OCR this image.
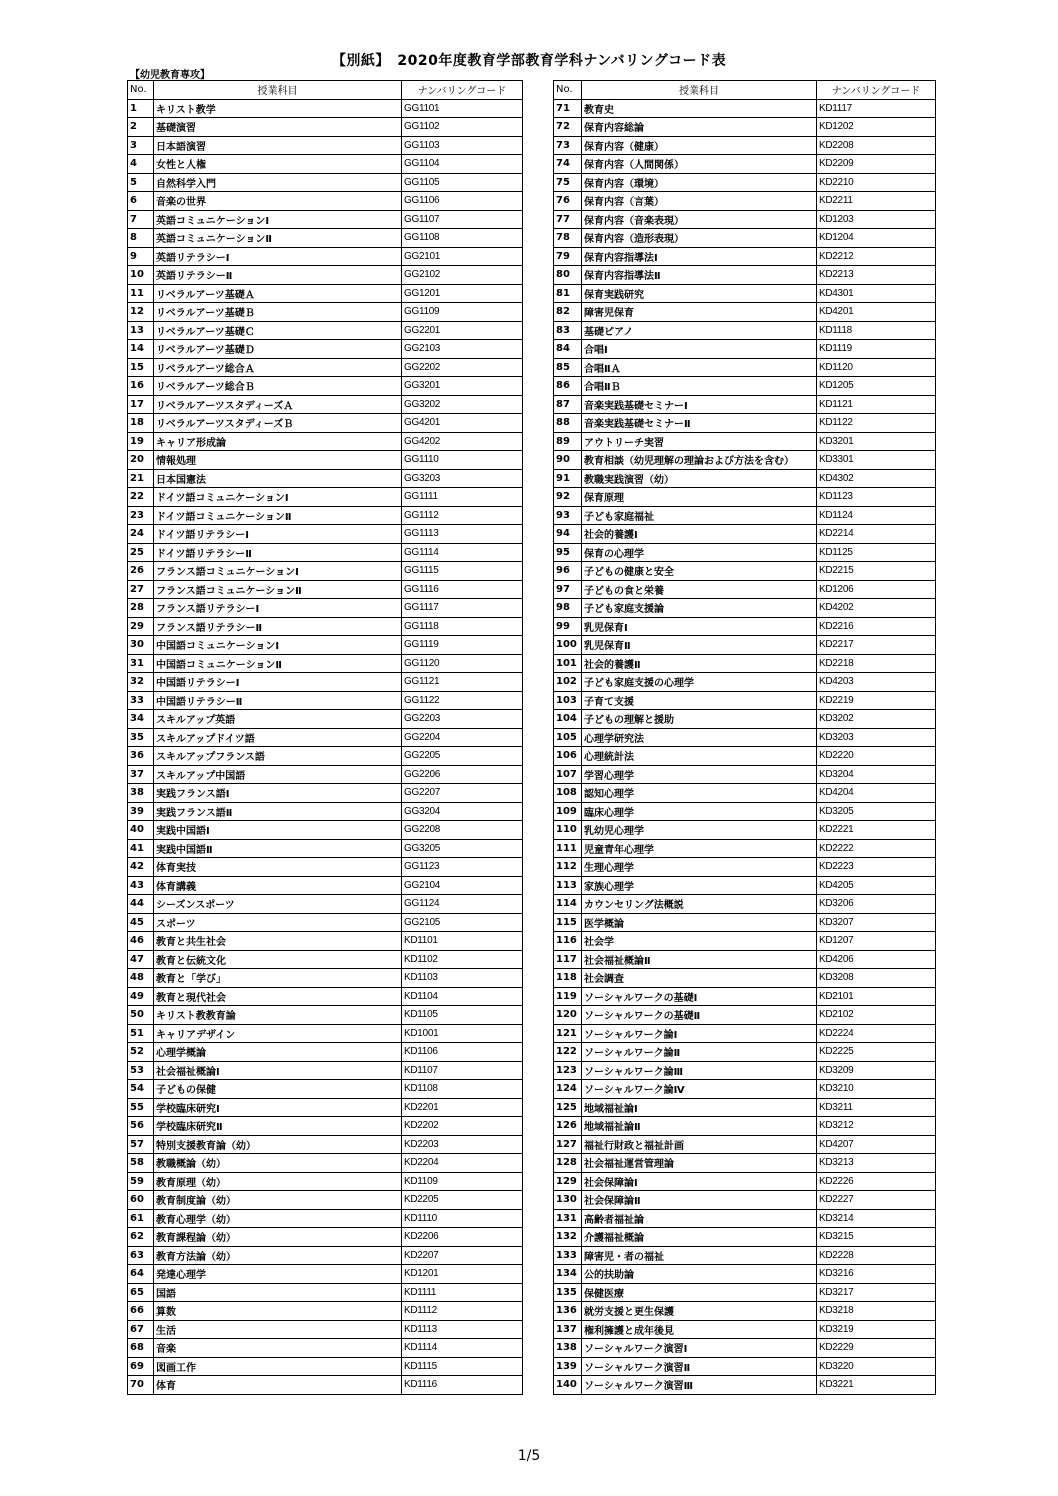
【別紙】　2020年度教育学部教育学科ナンバリングコード表
【幼児教育専攻】
No.	授業科目	ナンバリングコード
1	キリスト教学	GG1101
2	基礎演習	GG1102
3	日本語演習	GG1103
4	女性と人権	GG1104
5	自然科学入門	GG1105
6	音楽の世界	GG1106
7	英語コミュニケーションⅠ	GG1107
8	英語コミュニケーションⅡ	GG1108
9	英語リテラシーⅠ	GG2101
10	英語リテラシーⅡ	GG2102
11	リベラルアーツ基礎Ａ	GG1201
12	リベラルアーツ基礎Ｂ	GG1109
13	リベラルアーツ基礎Ｃ	GG2201
14	リベラルアーツ基礎Ｄ	GG2103
15	リベラルアーツ総合Ａ	GG2202
16	リベラルアーツ総合Ｂ	GG3201
17	リベラルアーツスタディーズＡ	GG3202
18	リベラルアーツスタディーズＢ	GG4201
19	キャリア形成論	GG4202
20	情報処理	GG1110
21	日本国憲法	GG3203
22	ドイツ語コミュニケーションⅠ	GG1111
23	ドイツ語コミュニケーションⅡ	GG1112
24	ドイツ語リテラシーⅠ	GG1113
25	ドイツ語リテラシーⅡ	GG1114
26	フランス語コミュニケーションⅠ	GG1115
27	フランス語コミュニケーションⅡ	GG1116
28	フランス語リテラシーⅠ	GG1117
29	フランス語リテラシーⅡ	GG1118
30	中国語コミュニケーションⅠ	GG1119
31	中国語コミュニケーションⅡ	GG1120
32	中国語リテラシーⅠ	GG1121
33	中国語リテラシーⅡ	GG1122
34	スキルアップ英語	GG2203
35	スキルアップドイツ語	GG2204
36	スキルアップフランス語	GG2205
37	スキルアップ中国語	GG2206
38	実践フランス語Ⅰ	GG2207
39	実践フランス語Ⅱ	GG3204
40	実践中国語Ⅰ	GG2208
41	実践中国語Ⅱ	GG3205
42	体育実技	GG1123
43	体育講義	GG2104
44	シーズンスポーツ	GG1124
45	スポーツ	GG2105
46	教育と共生社会	KD1101
47	教育と伝統文化	KD1102
48	教育と「学び」	KD1103
49	教育と現代社会	KD1104
50	キリスト教教育論	KD1105
51	キャリアデザイン	KD1001
52	心理学概論	KD1106
53	社会福祉概論Ⅰ	KD1107
54	子どもの保健	KD1108
55	学校臨床研究Ⅰ	KD2201
56	学校臨床研究Ⅱ	KD2202
57	特別支援教育論（幼）	KD2203
58	教職概論（幼）	KD2204
59	教育原理（幼）	KD1109
60	教育制度論（幼）	KD2205
61	教育心理学（幼）	KD1110
62	教育課程論（幼）	KD2206
63	教育方法論（幼）	KD2207
64	発達心理学	KD1201
65	国語	KD1111
66	算数	KD1112
67	生活	KD1113
68	音楽	KD1114
69	図画工作	KD1115
70	体育	KD1116
No.	授業科目	ナンバリングコード
71	教育史	KD1117
72	保育内容総論	KD1202
73	保育内容（健康）	KD2208
74	保育内容（人間関係）	KD2209
75	保育内容（環境）	KD2210
76	保育内容（言葉）	KD2211
77	保育内容（音楽表現）	KD1203
78	保育内容（造形表現）	KD1204
79	保育内容指導法Ⅰ	KD2212
80	保育内容指導法Ⅱ	KD2213
81	保育実践研究	KD4301
82	障害児保育	KD4201
83	基礎ピアノ	KD1118
84	合唱Ⅰ	KD1119
85	合唱ⅡＡ	KD1120
86	合唱ⅡＢ	KD1205
87	音楽実践基礎セミナーⅠ	KD1121
88	音楽実践基礎セミナーⅡ	KD1122
89	アウトリーチ実習	KD3201
90	教育相談（幼児理解の理論および方法を含む）	KD3301
91	教職実践演習（幼）	KD4302
92	保育原理	KD1123
93	子ども家庭福祉	KD1124
94	社会的養護Ⅰ	KD2214
95	保育の心理学	KD1125
96	子どもの健康と安全	KD2215
97	子どもの食と栄養	KD1206
98	子ども家庭支援論	KD4202
99	乳児保育Ⅰ	KD2216
100	乳児保育Ⅱ	KD2217
101	社会的養護Ⅱ	KD2218
102	子ども家庭支援の心理学	KD4203
103	子育て支援	KD2219
104	子どもの理解と援助	KD3202
105	心理学研究法	KD3203
106	心理統計法	KD2220
107	学習心理学	KD3204
108	認知心理学	KD4204
109	臨床心理学	KD3205
110	乳幼児心理学	KD2221
111	児童青年心理学	KD2222
112	生理心理学	KD2223
113	家族心理学	KD4205
114	カウンセリング法概説	KD3206
115	医学概論	KD3207
116	社会学	KD1207
117	社会福祉概論Ⅱ	KD4206
118	社会調査	KD3208
119	ソーシャルワークの基礎Ⅰ	KD2101
120	ソーシャルワークの基礎Ⅱ	KD2102
121	ソーシャルワーク論Ⅰ	KD2224
122	ソーシャルワーク論Ⅱ	KD2225
123	ソーシャルワーク論Ⅲ	KD3209
124	ソーシャルワーク論Ⅳ	KD3210
125	地域福祉論Ⅰ	KD3211
126	地域福祉論Ⅱ	KD3212
127	福祉行財政と福祉計画	KD4207
128	社会福祉運営管理論	KD3213
129	社会保障論Ⅰ	KD2226
130	社会保障論Ⅱ	KD2227
131	高齢者福祉論	KD3214
132	介護福祉概論	KD3215
133	障害児・者の福祉	KD2228
134	公的扶助論	KD3216
135	保健医療	KD3217
136	就労支援と更生保護	KD3218
137	権利擁護と成年後見	KD3219
138	ソーシャルワーク演習Ⅰ	KD2229
139	ソーシャルワーク演習Ⅱ	KD3220
140	ソーシャルワーク演習Ⅲ	KD3221
1/5
